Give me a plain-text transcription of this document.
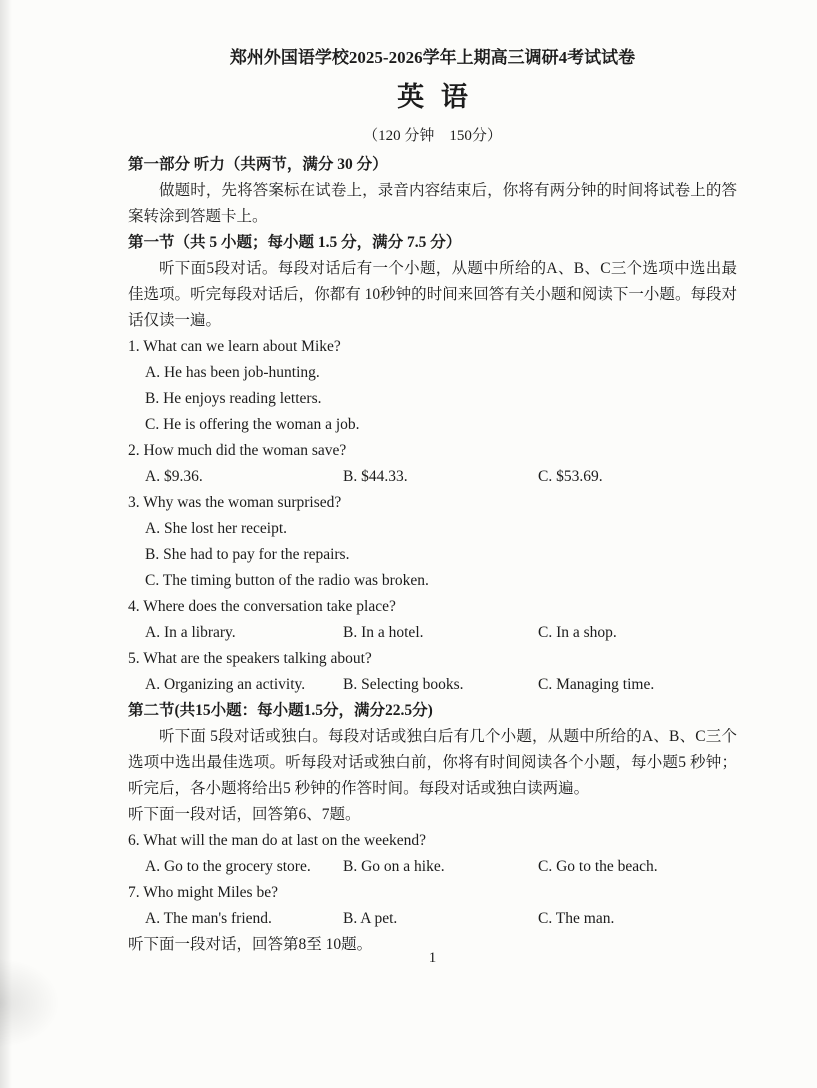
郑州外国语学校2025-2026学年上期高三调研4考试试卷
英 语
（120 分钟    150分）
第一部分 听力（共两节，满分 30 分）

做题时，先将答案标在试卷上，录音内容结束后，你将有两分钟的时间将试卷上的答案转涂到答题卡上。

第一节（共 5 小题；每小题 1.5 分，满分 7.5 分）

听下面5段对话。每段对话后有一个小题，从题中所给的A、B、C三个选项中选出最佳选项。听完每段对话后，你都有 10秒钟的时间来回答有关小题和阅读下一小题。每段对话仅读一遍。

1. What can we learn about Mike?
A. He has been job-hunting.
B. He enjoys reading letters.
C. He is offering the woman a job.
2. How much did the woman save?
A. $9.36.	B. $44.33.	C. $53.69.
3. Why was the woman surprised?
A. She lost her receipt.
B. She had to pay for the repairs.
C. The timing button of the radio was broken.
4. Where does the conversation take place?
A. In a library.	B. In a hotel.	C. In a shop.
5. What are the speakers talking about?
A. Organizing an activity.	B. Selecting books.	C. Managing time.
第二节(共15小题：每小题1.5分，满分22.5分)

听下面 5段对话或独白。每段对话或独白后有几个小题，从题中所给的A、B、C三个选项中选出最佳选项。听每段对话或独白前，你将有时间阅读各个小题，每小题5 秒钟；听完后，各小题将给出5 秒钟的作答时间。每段对话或独白读两遍。

听下面一段对话，回答第6、7题。
6. What will the man do at last on the weekend?
A. Go to the grocery store.	B. Go on a hike.	C. Go to the beach.
7. Who might Miles be?
A. The man's friend.	B. A pet.	C. The man.
听下面一段对话，回答第8至 10题。
1
